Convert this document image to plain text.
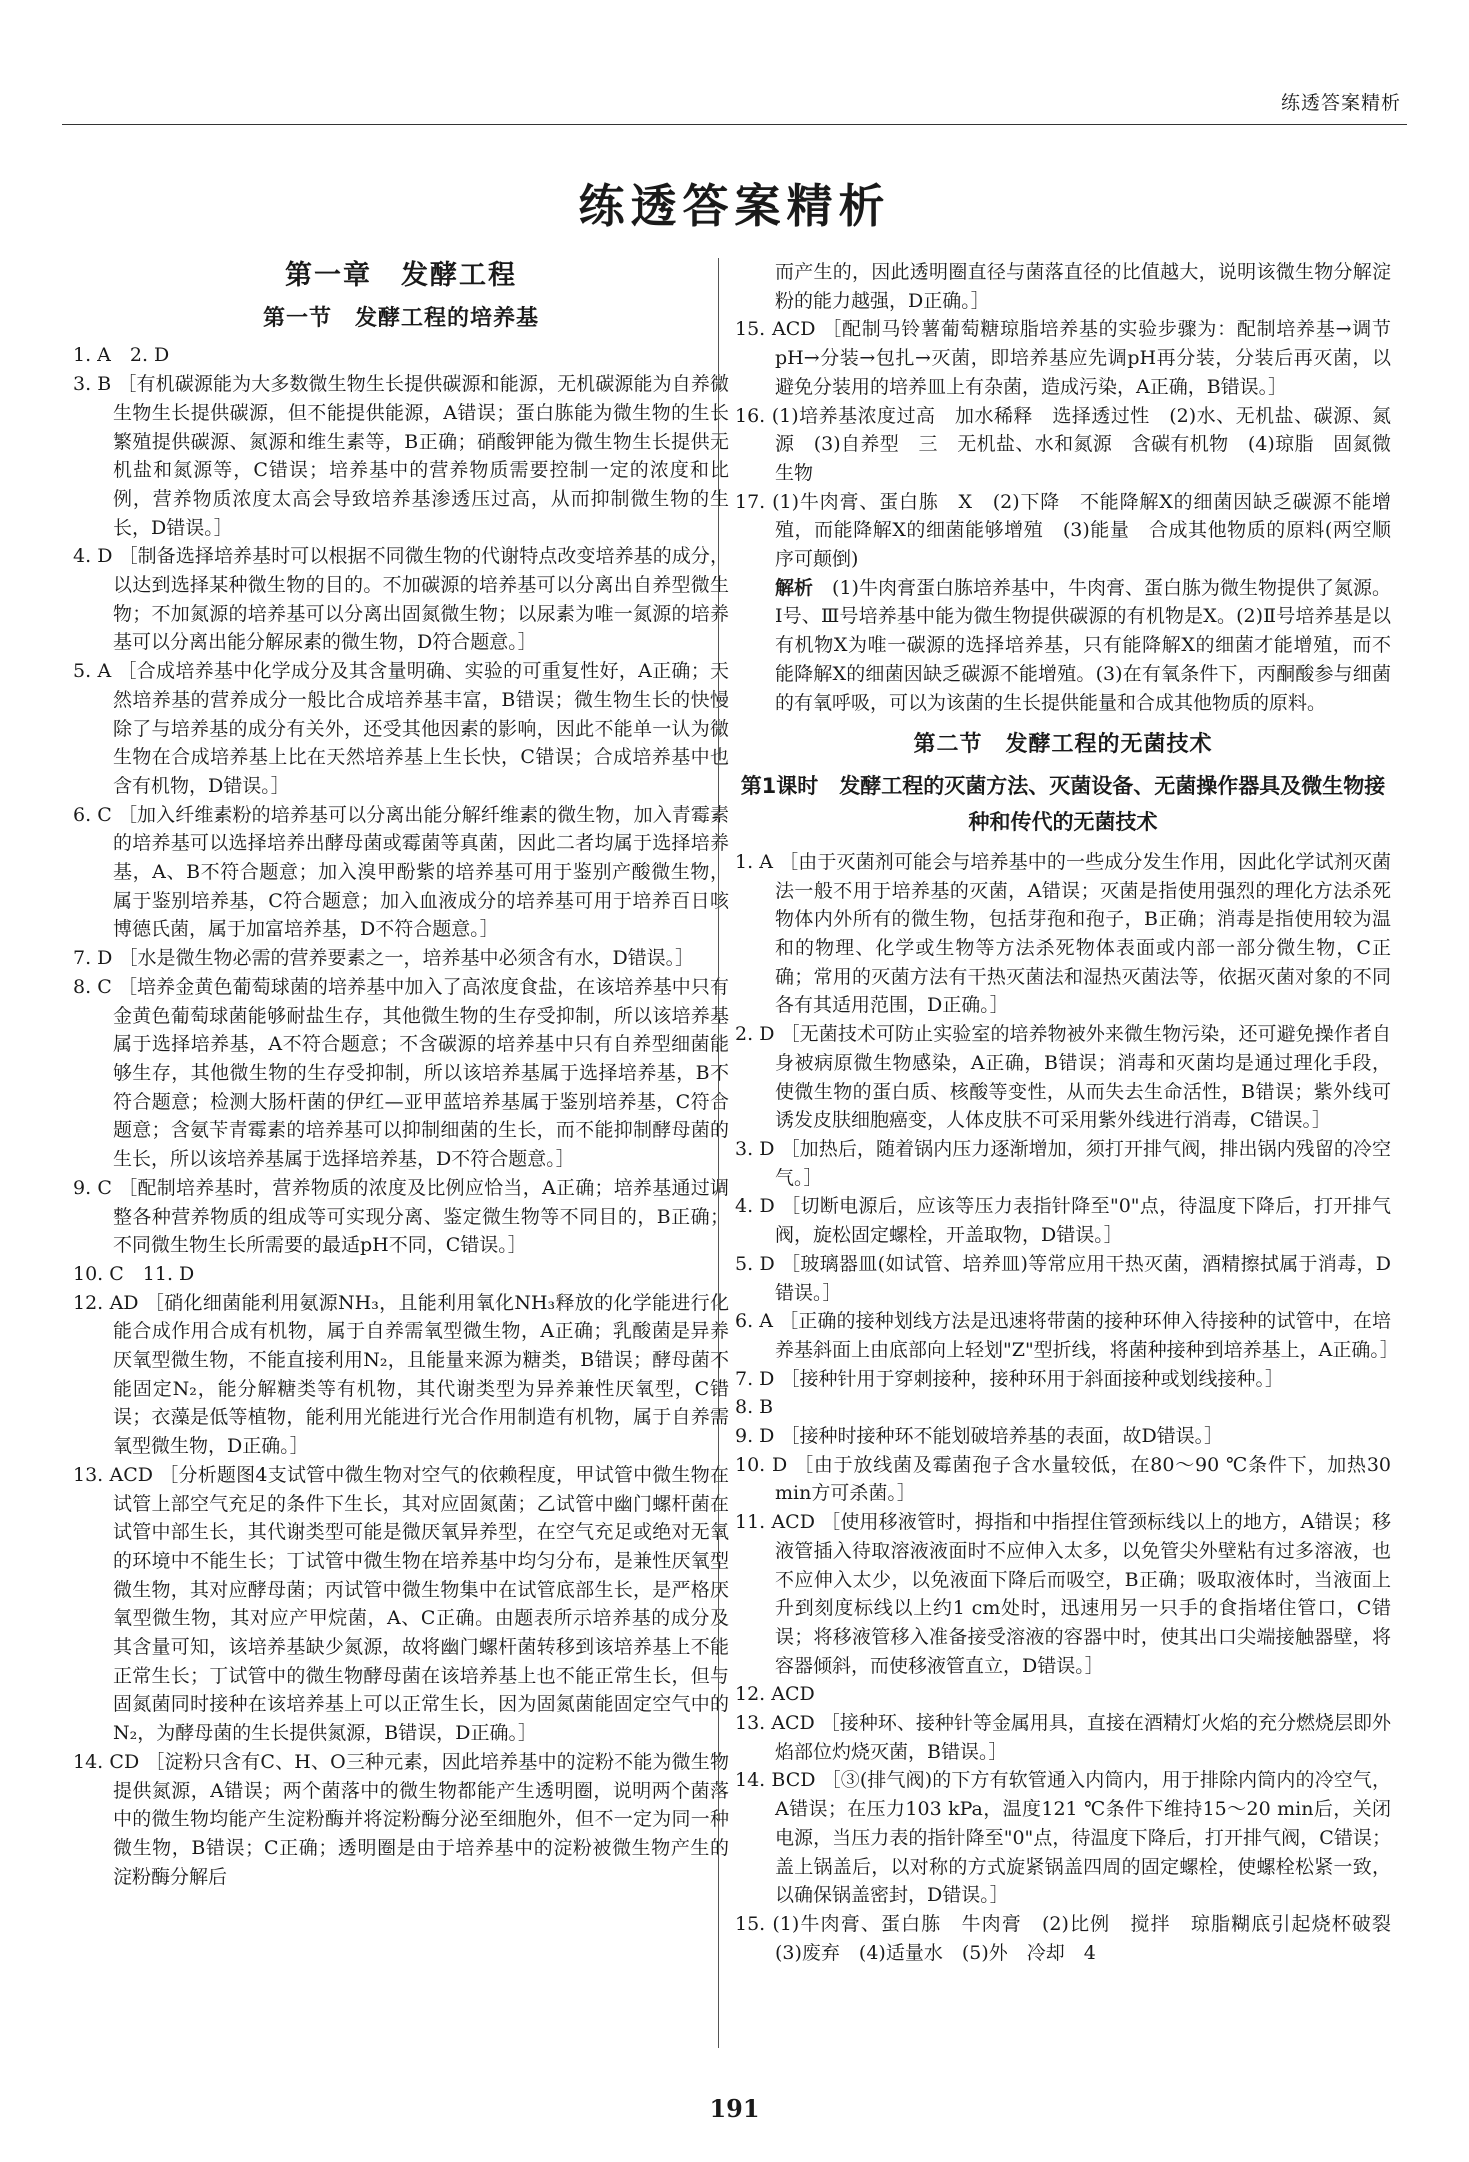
练透答案精析
练透答案精析
第一章　发酵工程
第一节　发酵工程的培养基

1. A　2. D

3. B ［有机碳源能为大多数微生物生长提供碳源和能源，无机碳源能为自养微生物生长提供碳源，但不能提供能源，A错误；蛋白胨能为微生物的生长繁殖提供碳源、氮源和维生素等，B正确；硝酸钾能为微生物生长提供无机盐和氮源等，C错误；培养基中的营养物质需要控制一定的浓度和比例，营养物质浓度太高会导致培养基渗透压过高，从而抑制微生物的生长，D错误。］

4. D ［制备选择培养基时可以根据不同微生物的代谢特点改变培养基的成分，以达到选择某种微生物的目的。不加碳源的培养基可以分离出自养型微生物；不加氮源的培养基可以分离出固氮微生物；以尿素为唯一氮源的培养基可以分离出能分解尿素的微生物，D符合题意。］

5. A ［合成培养基中化学成分及其含量明确、实验的可重复性好，A正确；天然培养基的营养成分一般比合成培养基丰富，B错误；微生物生长的快慢除了与培养基的成分有关外，还受其他因素的影响，因此不能单一认为微生物在合成培养基上比在天然培养基上生长快，C错误；合成培养基中也含有机物，D错误。］

6. C ［加入纤维素粉的培养基可以分离出能分解纤维素的微生物，加入青霉素的培养基可以选择培养出酵母菌或霉菌等真菌，因此二者均属于选择培养基，A、B不符合题意；加入溴甲酚紫的培养基可用于鉴别产酸微生物，属于鉴别培养基，C符合题意；加入血液成分的培养基可用于培养百日咳博德氏菌，属于加富培养基，D不符合题意。］

7. D ［水是微生物必需的营养要素之一，培养基中必须含有水，D错误。］

8. C ［培养金黄色葡萄球菌的培养基中加入了高浓度食盐，在该培养基中只有金黄色葡萄球菌能够耐盐生存，其他微生物的生存受抑制，所以该培养基属于选择培养基，A不符合题意；不含碳源的培养基中只有自养型细菌能够生存，其他微生物的生存受抑制，所以该培养基属于选择培养基，B不符合题意；检测大肠杆菌的伊红—亚甲蓝培养基属于鉴别培养基，C符合题意；含氨苄青霉素的培养基可以抑制细菌的生长，而不能抑制酵母菌的生长，所以该培养基属于选择培养基，D不符合题意。］

9. C ［配制培养基时，营养物质的浓度及比例应恰当，A正确；培养基通过调整各种营养物质的组成等可实现分离、鉴定微生物等不同目的，B正确；不同微生物生长所需要的最适pH不同，C错误。］

10. C　11. D

12. AD ［硝化细菌能利用氨源NH₃，且能利用氧化NH₃释放的化学能进行化能合成作用合成有机物，属于自养需氧型微生物，A正确；乳酸菌是异养厌氧型微生物，不能直接利用N₂，且能量来源为糖类，B错误；酵母菌不能固定N₂，能分解糖类等有机物，其代谢类型为异养兼性厌氧型，C错误；衣藻是低等植物，能利用光能进行光合作用制造有机物，属于自养需氧型微生物，D正确。］

13. ACD ［分析题图4支试管中微生物对空气的依赖程度，甲试管中微生物在试管上部空气充足的条件下生长，其对应固氮菌；乙试管中幽门螺杆菌在试管中部生长，其代谢类型可能是微厌氧异养型，在空气充足或绝对无氧的环境中不能生长；丁试管中微生物在培养基中均匀分布，是兼性厌氧型微生物，其对应酵母菌；丙试管中微生物集中在试管底部生长，是严格厌氧型微生物，其对应产甲烷菌，A、C正确。由题表所示培养基的成分及其含量可知，该培养基缺少氮源，故将幽门螺杆菌转移到该培养基上不能正常生长；丁试管中的微生物酵母菌在该培养基上也不能正常生长，但与固氮菌同时接种在该培养基上可以正常生长，因为固氮菌能固定空气中的N₂，为酵母菌的生长提供氮源，B错误，D正确。］

14. CD ［淀粉只含有C、H、O三种元素，因此培养基中的淀粉不能为微生物提供氮源，A错误；两个菌落中的微生物都能产生透明圈，说明两个菌落中的微生物均能产生淀粉酶并将淀粉酶分泌至细胞外，但不一定为同一种微生物，B错误；C正确；透明圈是由于培养基中的淀粉被微生物产生的淀粉酶分解后

而产生的，因此透明圈直径与菌落直径的比值越大，说明该微生物分解淀粉的能力越强，D正确。］

15. ACD ［配制马铃薯葡萄糖琼脂培养基的实验步骤为：配制培养基→调节pH→分装→包扎→灭菌，即培养基应先调pH再分装，分装后再灭菌，以避免分装用的培养皿上有杂菌，造成污染，A正确，B错误。］

16. (1)培养基浓度过高　加水稀释　选择透过性　(2)水、无机盐、碳源、氮源　(3)自养型　三　无机盐、水和氮源　含碳有机物　(4)琼脂　固氮微生物

17. (1)牛肉膏、蛋白胨　X　(2)下降　不能降解X的细菌因缺乏碳源不能增殖，而能降解X的细菌能够增殖　(3)能量　合成其他物质的原料(两空顺序可颠倒)

解析　 (1)牛肉膏蛋白胨培养基中，牛肉膏、蛋白胨为微生物提供了氮源。Ⅰ号、Ⅲ号培养基中能为微生物提供碳源的有机物是X。(2)Ⅱ号培养基是以有机物X为唯一碳源的选择培养基，只有能降解X的细菌才能增殖，而不能降解X的细菌因缺乏碳源不能增殖。(3)在有氧条件下，丙酮酸参与细菌的有氧呼吸，可以为该菌的生长提供能量和合成其他物质的原料。

第二节　发酵工程的无菌技术
第1课时　发酵工程的灭菌方法、灭菌设备、无菌操作器具及微生物接种和传代的无菌技术

1. A ［由于灭菌剂可能会与培养基中的一些成分发生作用，因此化学试剂灭菌法一般不用于培养基的灭菌，A错误；灭菌是指使用强烈的理化方法杀死物体内外所有的微生物，包括芽孢和孢子，B正确；消毒是指使用较为温和的物理、化学或生物等方法杀死物体表面或内部一部分微生物，C正确；常用的灭菌方法有干热灭菌法和湿热灭菌法等，依据灭菌对象的不同各有其适用范围，D正确。］

2. D ［无菌技术可防止实验室的培养物被外来微生物污染，还可避免操作者自身被病原微生物感染，A正确，B错误；消毒和灭菌均是通过理化手段，使微生物的蛋白质、核酸等变性，从而失去生命活性，B错误；紫外线可诱发皮肤细胞癌变，人体皮肤不可采用紫外线进行消毒，C错误。］

3. D ［加热后，随着锅内压力逐渐增加，须打开排气阀，排出锅内残留的冷空气。］

4. D ［切断电源后，应该等压力表指针降至"0"点，待温度下降后，打开排气阀，旋松固定螺栓，开盖取物，D错误。］

5. D ［玻璃器皿(如试管、培养皿)等常应用干热灭菌，酒精擦拭属于消毒，D错误。］

6. A ［正确的接种划线方法是迅速将带菌的接种环伸入待接种的试管中，在培养基斜面上由底部向上轻划"Z"型折线，将菌种接种到培养基上，A正确。］

7. D ［接种针用于穿刺接种，接种环用于斜面接种或划线接种。］

8. B

9. D ［接种时接种环不能划破培养基的表面，故D错误。］

10. D ［由于放线菌及霉菌孢子含水量较低，在80～90 ℃条件下，加热30 min方可杀菌。］

11. ACD ［使用移液管时，拇指和中指捏住管颈标线以上的地方，A错误；移液管插入待取溶液液面时不应伸入太多，以免管尖外壁粘有过多溶液，也不应伸入太少，以免液面下降后而吸空，B正确；吸取液体时，当液面上升到刻度标线以上约1 cm处时，迅速用另一只手的食指堵住管口，C错误；将移液管移入准备接受溶液的容器中时，使其出口尖端接触器壁，将容器倾斜，而使移液管直立，D错误。］

12. ACD

13. ACD ［接种环、接种针等金属用具，直接在酒精灯火焰的充分燃烧层即外焰部位灼烧灭菌，B错误。］

14. BCD ［③(排气阀)的下方有软管通入内筒内，用于排除内筒内的冷空气，A错误；在压力103 kPa，温度121 ℃条件下维持15～20 min后，关闭电源，当压力表的指针降至"0"点，待温度下降后，打开排气阀，C错误；盖上锅盖后，以对称的方式旋紧锅盖四周的固定螺栓，使螺栓松紧一致，以确保锅盖密封，D错误。］

15. (1)牛肉膏、蛋白胨　牛肉膏　(2)比例　搅拌　琼脂糊底引起烧杯破裂　(3)废弃　(4)适量水　(5)外　冷却　4

191
